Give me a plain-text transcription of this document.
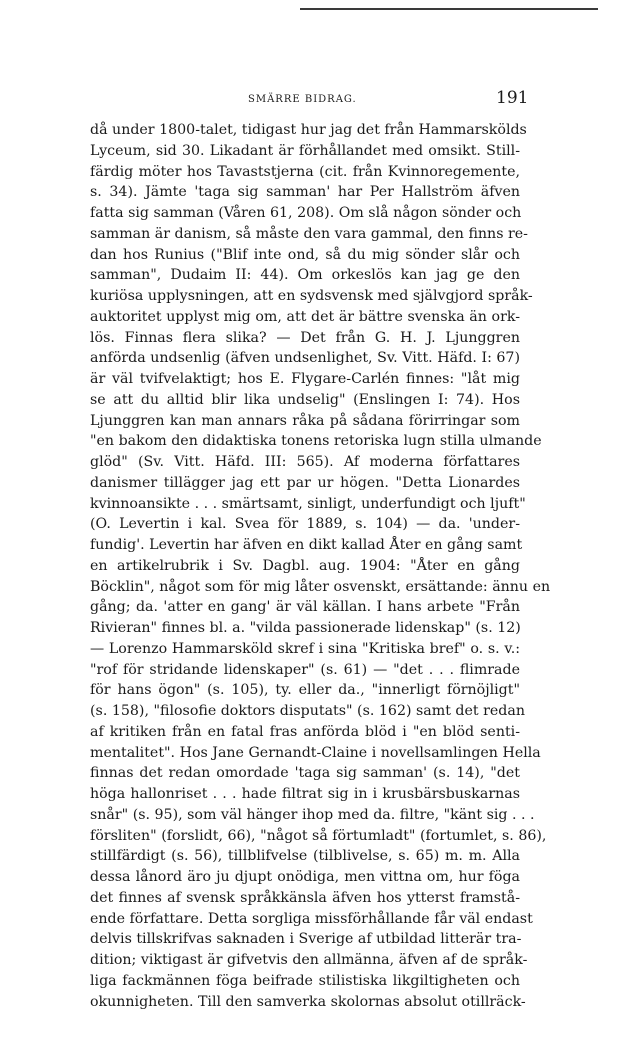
SMÄRRE BIDRAG.	191
då under 1800-talet, tidigast hur jag det från Hammarskölds
Lyceum, sid 30. Likadant är förhållandet med omsikt. Still-
färdig möter hos Tavaststjerna (cit. från Kvinnoregemente,
s. 34). Jämte 'taga sig samman' har Per Hallström äfven
fatta sig samman (Våren 61, 208). Om slå någon sönder och
samman är danism, så måste den vara gammal, den finns re-
dan hos Runius ("Blif inte ond, så du mig sönder slår och
samman", Dudaim II: 44). Om orkeslös kan jag ge den
kuriösa upplysningen, att en sydsvensk med självgjord språk-
auktoritet upplyst mig om, att det är bättre svenska än ork-
lös. Finnas flera slika? — Det från G. H. J. Ljunggren
anförda undsenlig (äfven undsenlighet, Sv. Vitt. Häfd. I: 67)
är väl tvifvelaktigt; hos E. Flygare-Carlén finnes: "låt mig
se att du alltid blir lika undselig" (Enslingen I: 74). Hos
Ljunggren kan man annars råka på sådana förirringar som
"en bakom den didaktiska tonens retoriska lugn stilla ulmande
glöd" (Sv. Vitt. Häfd. III: 565). Af moderna författares
danismer tillägger jag ett par ur högen. "Detta Lionardes
kvinnoansikte . . . smärtsamt, sinligt, underfundigt och ljuft"
(O. Levertin i kal. Svea för 1889, s. 104) — da. 'under-
fundig'. Levertin har äfven en dikt kallad Åter en gång samt
en artikelrubrik i Sv. Dagbl. aug. 1904: "Åter en gång
Böcklin", något som för mig låter osvenskt, ersättande: ännu en
gång; da. 'atter en gang' är väl källan. I hans arbete "Från
Rivieran" finnes bl. a. "vilda passionerade lidenskap" (s. 12)
— Lorenzo Hammarsköld skref i sina "Kritiska bref" o. s. v.:
"rof för stridande lidenskaper" (s. 61) — "det . . . flimrade
för hans ögon" (s. 105), ty. eller da., "innerligt förnöjligt"
(s. 158), "filosofie doktors disputats" (s. 162) samt det redan
af kritiken från en fatal fras anförda blöd i "en blöd senti-
mentalitet". Hos Jane Gernandt-Claine i novellsamlingen Hella
finnas det redan omordade 'taga sig samman' (s. 14), "det
höga hallonriset . . . hade filtrat sig in i krusbärsbuskarnas
snår" (s. 95), som väl hänger ihop med da. filtre, "känt sig . . .
försliten" (forslidt, 66), "något så förtumladt" (fortumlet, s. 86),
stillfärdigt (s. 56), tillblifvelse (tilblivelse, s. 65) m. m. Alla
dessa lånord äro ju djupt onödiga, men vittna om, hur föga
det finnes af svensk språkkänsla äfven hos ytterst framstå-
ende författare. Detta sorgliga missförhållande får väl endast
delvis tillskrifvas saknaden i Sverige af utbildad litterär tra-
dition; viktigast är gifvetvis den allmänna, äfven af de språk-
liga fackmännen föga beifrade stilistiska likgiltigheten och
okunnigheten. Till den samverka skolornas absolut otillräck-
